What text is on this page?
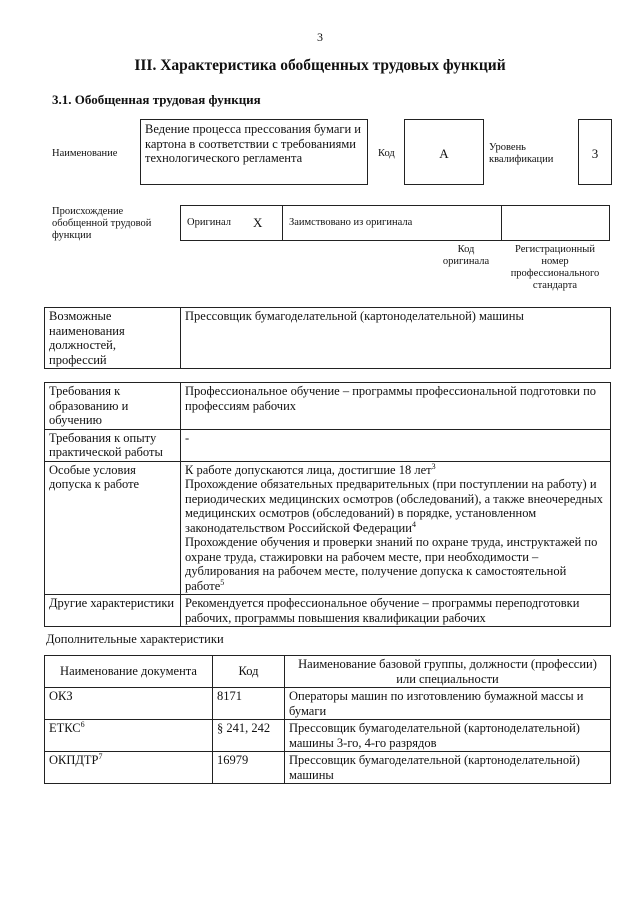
3
III. Характеристика обобщенных трудовых функций
3.1. Обобщенная трудовая функция
Наименование
Ведение процесса прессования бумаги и картона в соответствии с требованиями технологического регламента	Код	А	Уровень квалификации	3
Происхождение обобщенной трудовой функции
Оригинал Х	Заимствовано из оригинала
Код оригинала
Регистрационный номер профессионального стандарта
Возможные наименования должностей, профессий	Прессовщик бумагоделательной (картоноделательной) машины
Требования к образованию и обучению	Профессиональное обучение – программы профессиональной подготовки по профессиям рабочих
Требования к опыту практической работы	-
Особые условия допуска к работе	К работе допускаются лица, достигшие 18 лет$^3$
Прохождение обязательных предварительных (при поступлении на работу) и периодических медицинских осмотров (обследований), а также внеочередных медицинских осмотров (обследований) в порядке, установленном законодательством Российской Федерации$^4$
Прохождение обучения и проверки знаний по охране труда, инструктажей по охране труда, стажировки на рабочем месте, при необходимости – дублирования на рабочем месте, получение допуска к самостоятельной работе$^5$

Другие характеристики	Рекомендуется профессиональное обучение – программы переподготовки рабочих, программы повышения квалификации рабочих
Дополнительные характеристики
Наименование документа	Код	Наименование базовой группы, должности (профессии) или специальности
ОКЗ	8171	Операторы машин по изготовлению бумажной массы и бумаги
ЕТКС$^6$	§ 241, 242	Прессовщик бумагоделательной (картоноделательной) машины 3-го, 4-го разрядов
ОКПДТР$^7$	16979	Прессовщик бумагоделательной (картоноделательной) машины
